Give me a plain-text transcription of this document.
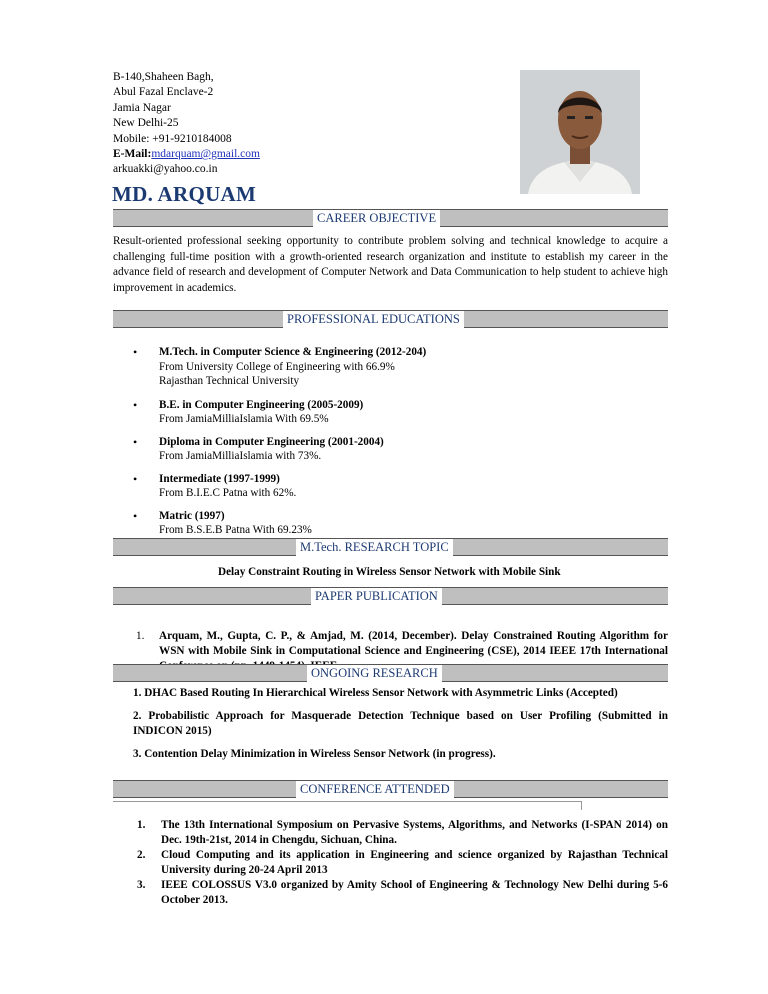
B-140,Shaheen Bagh,
Abul Fazal Enclave-2
Jamia Nagar
New Delhi-25
Mobile: +91-9210184008
E-Mail:mdarquam@gmail.com
arkuakki@yahoo.co.in
MD. ARQUAM
CAREER OBJECTIVE
Result-oriented professional seeking opportunity to contribute problem solving and technical knowledge to acquire a challenging full-time position with a growth-oriented research organization and institute to establish my career in the advance field of research and development of Computer Network and Data Communication to help student to achieve high improvement in academics.
PROFESSIONAL EDUCATIONS
• M.Tech. in Computer Science & Engineering (2012-204)
From University College of Engineering with 66.9%
Rajasthan Technical University
• B.E. in Computer Engineering (2005-2009)
From JamiaMilliaIslamia With 69.5%
• Diploma in Computer Engineering (2001-2004)
From JamiaMilliaIslamia with 73%.
• Intermediate (1997-1999)
From B.I.E.C Patna with 62%.
• Matric (1997)
From B.S.E.B Patna With 69.23%
M.Tech. RESEARCH TOPIC
Delay Constraint Routing in Wireless Sensor Network with Mobile Sink
PAPER PUBLICATION
1. Arquam, M., Gupta, C. P., & Amjad, M. (2014, December). Delay Constrained Routing Algorithm for WSN with Mobile Sink in Computational Science and Engineering (CSE), 2014 IEEE 17th International
ONGOING RESEARCH
1. DHAC Based Routing In Hierarchical Wireless Sensor Network with Asymmetric Links (Accepted)
2. Probabilistic Approach for Masquerade Detection Technique based on User Profiling (Submitted in INDICON 2015)
3. Contention Delay Minimization in Wireless Sensor Network (in progress).
CONFERENCE ATTENDED
1. The 13th International Symposium on Pervasive Systems, Algorithms, and Networks (I-SPAN 2014) on Dec. 19th-21st, 2014 in Chengdu, Sichuan, China.
2. Cloud Computing and its application in Engineering and science organized by Rajasthan Technical University during 20-24 April 2013
3. IEEE COLOSSUS V3.0 organized by Amity School of Engineering & Technology New Delhi during 5-6 October 2013.
